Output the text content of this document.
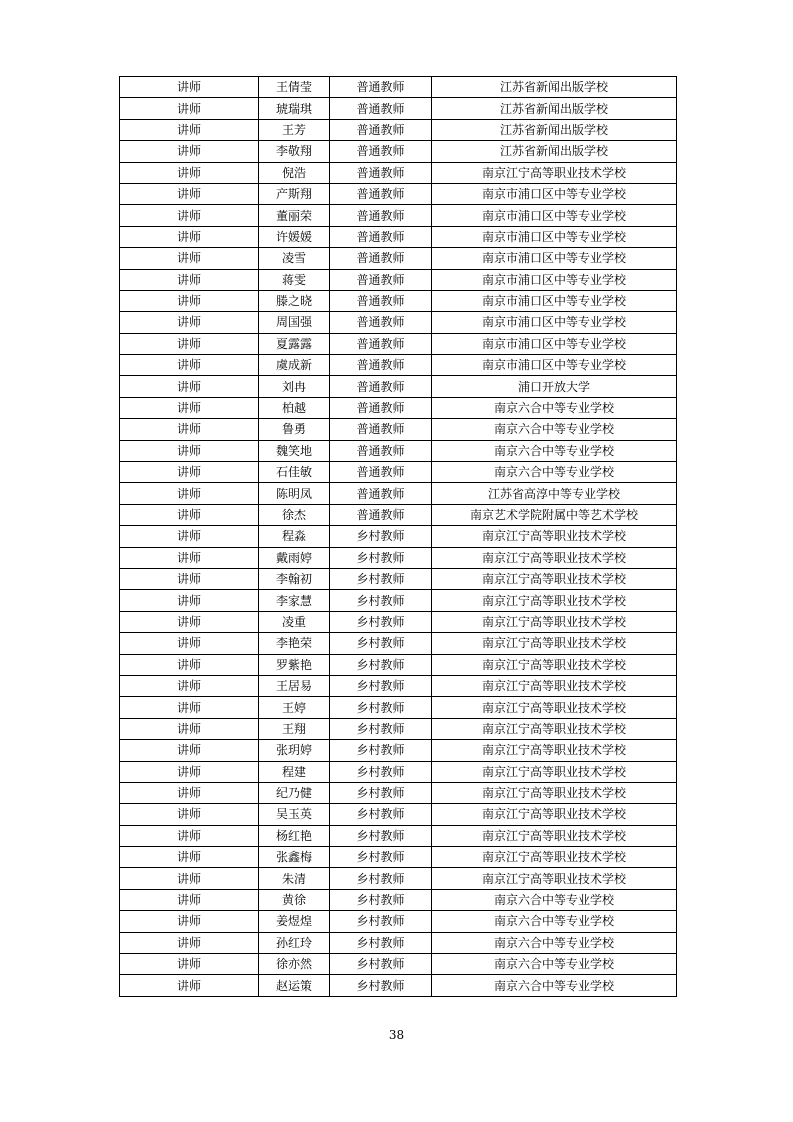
讲师	王倩莹	普通教师	江苏省新闻出版学校
讲师	琥瑞琪	普通教师	江苏省新闻出版学校
讲师	王芳	普通教师	江苏省新闻出版学校
讲师	李敬翔	普通教师	江苏省新闻出版学校
讲师	倪浩	普通教师	南京江宁高等职业技术学校
讲师	产斯翔	普通教师	南京市浦口区中等专业学校
讲师	董丽荣	普通教师	南京市浦口区中等专业学校
讲师	许媛媛	普通教师	南京市浦口区中等专业学校
讲师	凌雪	普通教师	南京市浦口区中等专业学校
讲师	蒋雯	普通教师	南京市浦口区中等专业学校
讲师	滕之晓	普通教师	南京市浦口区中等专业学校
讲师	周国强	普通教师	南京市浦口区中等专业学校
讲师	夏露露	普通教师	南京市浦口区中等专业学校
讲师	虞成新	普通教师	南京市浦口区中等专业学校
讲师	刘冉	普通教师	浦口开放大学
讲师	柏越	普通教师	南京六合中等专业学校
讲师	鲁勇	普通教师	南京六合中等专业学校
讲师	魏笑地	普通教师	南京六合中等专业学校
讲师	石佳敏	普通教师	南京六合中等专业学校
讲师	陈明凤	普通教师	江苏省高淳中等专业学校
讲师	徐杰	普通教师	南京艺术学院附属中等艺术学校
讲师	程淼	乡村教师	南京江宁高等职业技术学校
讲师	戴雨婷	乡村教师	南京江宁高等职业技术学校
讲师	李翰初	乡村教师	南京江宁高等职业技术学校
讲师	李家慧	乡村教师	南京江宁高等职业技术学校
讲师	凌重	乡村教师	南京江宁高等职业技术学校
讲师	李艳荣	乡村教师	南京江宁高等职业技术学校
讲师	罗紫艳	乡村教师	南京江宁高等职业技术学校
讲师	王居易	乡村教师	南京江宁高等职业技术学校
讲师	王婷	乡村教师	南京江宁高等职业技术学校
讲师	王翔	乡村教师	南京江宁高等职业技术学校
讲师	张玥婷	乡村教师	南京江宁高等职业技术学校
讲师	程建	乡村教师	南京江宁高等职业技术学校
讲师	纪乃健	乡村教师	南京江宁高等职业技术学校
讲师	吴玉英	乡村教师	南京江宁高等职业技术学校
讲师	杨红艳	乡村教师	南京江宁高等职业技术学校
讲师	张鑫梅	乡村教师	南京江宁高等职业技术学校
讲师	朱清	乡村教师	南京江宁高等职业技术学校
讲师	黄徐	乡村教师	南京六合中等专业学校
讲师	姜煜煌	乡村教师	南京六合中等专业学校
讲师	孙红玲	乡村教师	南京六合中等专业学校
讲师	徐亦然	乡村教师	南京六合中等专业学校
讲师	赵运策	乡村教师	南京六合中等专业学校
38
